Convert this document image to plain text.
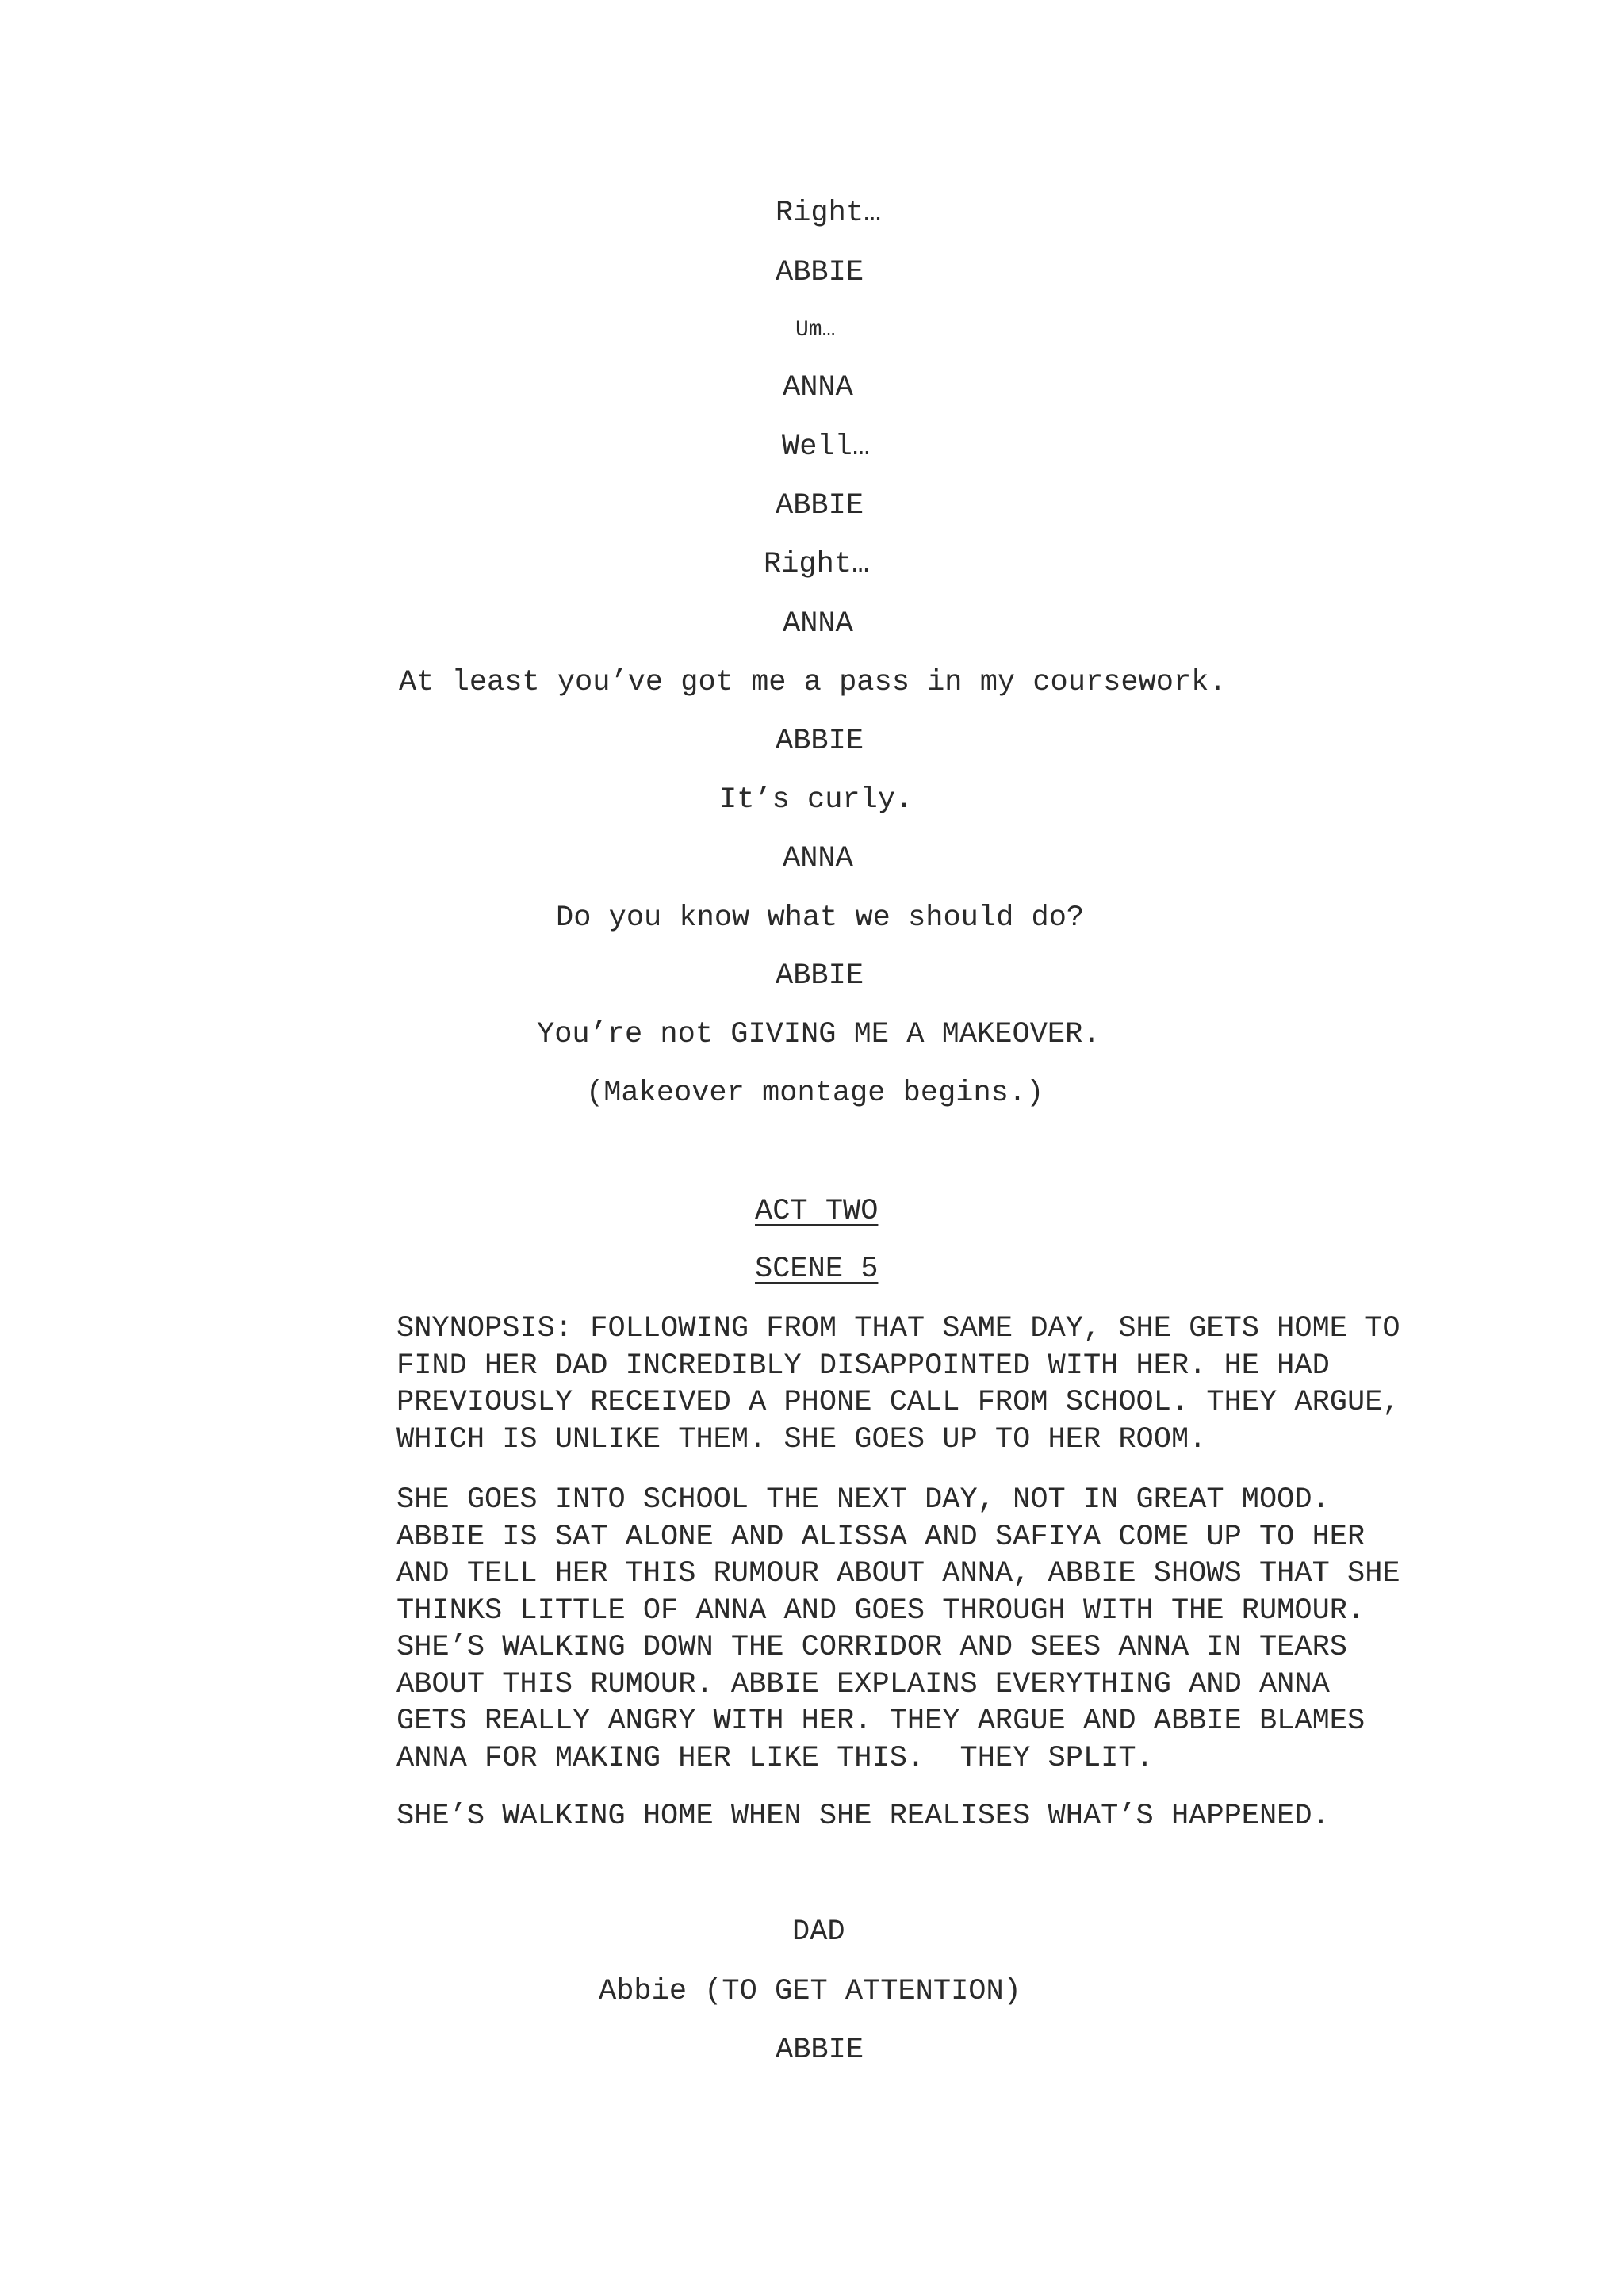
Right…

ABBIE

Um…

ANNA

Well…

ABBIE

Right…

ANNA

At least you’ve got me a pass in my coursework.

ABBIE

It’s curly.

ANNA

Do you know what we should do?

ABBIE

You’re not GIVING ME A MAKEOVER.

(Makeover montage begins.)

ACT TWO

SCENE 5

SNYNOPSIS: FOLLOWING FROM THAT SAME DAY, SHE GETS HOME TO

FIND HER DAD INCREDIBLY DISAPPOINTED WITH HER. HE HAD

PREVIOUSLY RECEIVED A PHONE CALL FROM SCHOOL. THEY ARGUE,

WHICH IS UNLIKE THEM. SHE GOES UP TO HER ROOM.

SHE GOES INTO SCHOOL THE NEXT DAY, NOT IN GREAT MOOD.

ABBIE IS SAT ALONE AND ALISSA AND SAFIYA COME UP TO HER

AND TELL HER THIS RUMOUR ABOUT ANNA, ABBIE SHOWS THAT SHE

THINKS LITTLE OF ANNA AND GOES THROUGH WITH THE RUMOUR.

SHE’S WALKING DOWN THE CORRIDOR AND SEES ANNA IN TEARS

ABOUT THIS RUMOUR. ABBIE EXPLAINS EVERYTHING AND ANNA

GETS REALLY ANGRY WITH HER. THEY ARGUE AND ABBIE BLAMES

ANNA FOR MAKING HER LIKE THIS.  THEY SPLIT.

SHE’S WALKING HOME WHEN SHE REALISES WHAT’S HAPPENED.

DAD

Abbie (TO GET ATTENTION)

ABBIE
